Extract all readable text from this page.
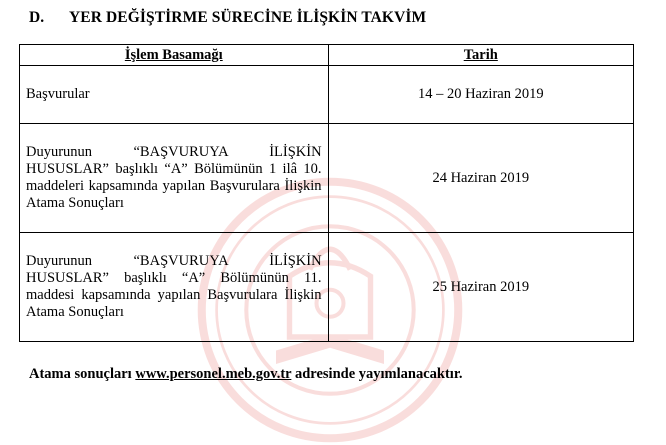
D. YER DEĞİŞTİRME SÜRECİNE İLİŞKİN TAKVİM
İşlem Basamağı	Tarih
Başvurular	14 – 20 Haziran 2019
Duyurunun “BAŞVURUYA İLİŞKİN HUSUSLAR” başlıklı “A” Bölümünün 1 ilâ 10. maddeleri kapsamında yapılan Başvurulara İlişkin Atama Sonuçları	24 Haziran 2019
Duyurunun “BAŞVURUYA İLİŞKİN HUSUSLAR” başlıklı “A” Bölümünün 11. maddesi kapsamında yapılan Başvurulara İlişkin Atama Sonuçları	25 Haziran 2019
Atama sonuçları www.personel.meb.gov.tr adresinde yayımlanacaktır.
